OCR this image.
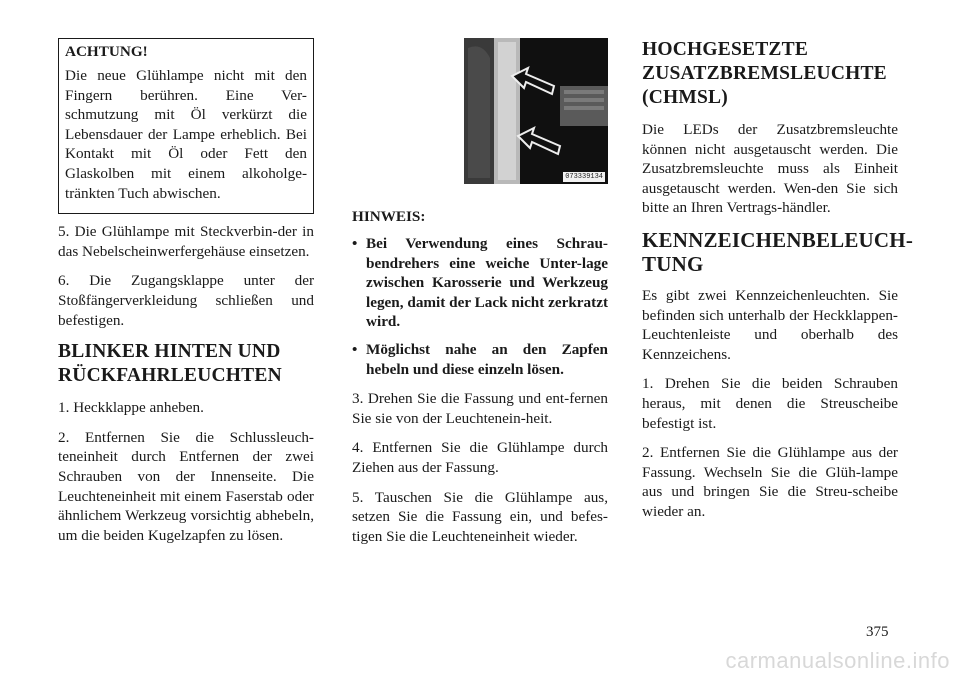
ACHTUNG!

Die neue Glühlampe nicht mit den Fingern berühren. Eine Ver-schmutzung mit Öl verkürzt die Lebensdauer der Lampe erheblich. Bei Kontakt mit Öl oder Fett den Glaskolben mit einem alkoholge-tränkten Tuch abwischen.

5. Die Glühlampe mit Steckverbin-der in das Nebelscheinwerfergehäuse einsetzen.

6. Die Zugangsklappe unter der Stoßfängerverkleidung schließen und befestigen.

BLINKER HINTEN UND RÜCKFAHRLEUCHTEN

1. Heckklappe anheben.

2. Entfernen Sie die Schlussleuch-teneinheit durch Entfernen der zwei Schrauben von der Innenseite. Die Leuchteneinheit mit einem Faserstab oder ähnlichem Werkzeug vorsichtig abhebeln, um die beiden Kugelzapfen zu lösen.

073339134
HINWEIS:
• Bei Verwendung eines Schrau-bendrehers eine weiche Unter-lage zwischen Karosserie und Werkzeug legen, damit der Lack nicht zerkratzt wird.
• Möglichst nahe an den Zapfen hebeln und diese einzeln lösen.

3. Drehen Sie die Fassung und ent-fernen Sie sie von der Leuchtenein-heit.

4. Entfernen Sie die Glühlampe durch Ziehen aus der Fassung.

5. Tauschen Sie die Glühlampe aus, setzen Sie die Fassung ein, und befes-tigen Sie die Leuchteneinheit wieder.

HOCHGESETZTE ZUSATZBREMSLEUCHTE (CHMSL)

Die LEDs der Zusatzbremsleuchte können nicht ausgetauscht werden. Die Zusatzbremsleuchte muss als Einheit ausgetauscht werden. Wen-den Sie sich bitte an Ihren Vertrags-händler.

KENNZEICHENBELEUCH-TUNG

Es gibt zwei Kennzeichenleuchten. Sie befinden sich unterhalb der Heckklappen-Leuchtenleiste und oberhalb des Kennzeichens.

1. Drehen Sie die beiden Schrauben heraus, mit denen die Streuscheibe befestigt ist.

2. Entfernen Sie die Glühlampe aus der Fassung. Wechseln Sie die Glüh-lampe aus und bringen Sie die Streu-scheibe wieder an.

375
carmanualsonline.info
